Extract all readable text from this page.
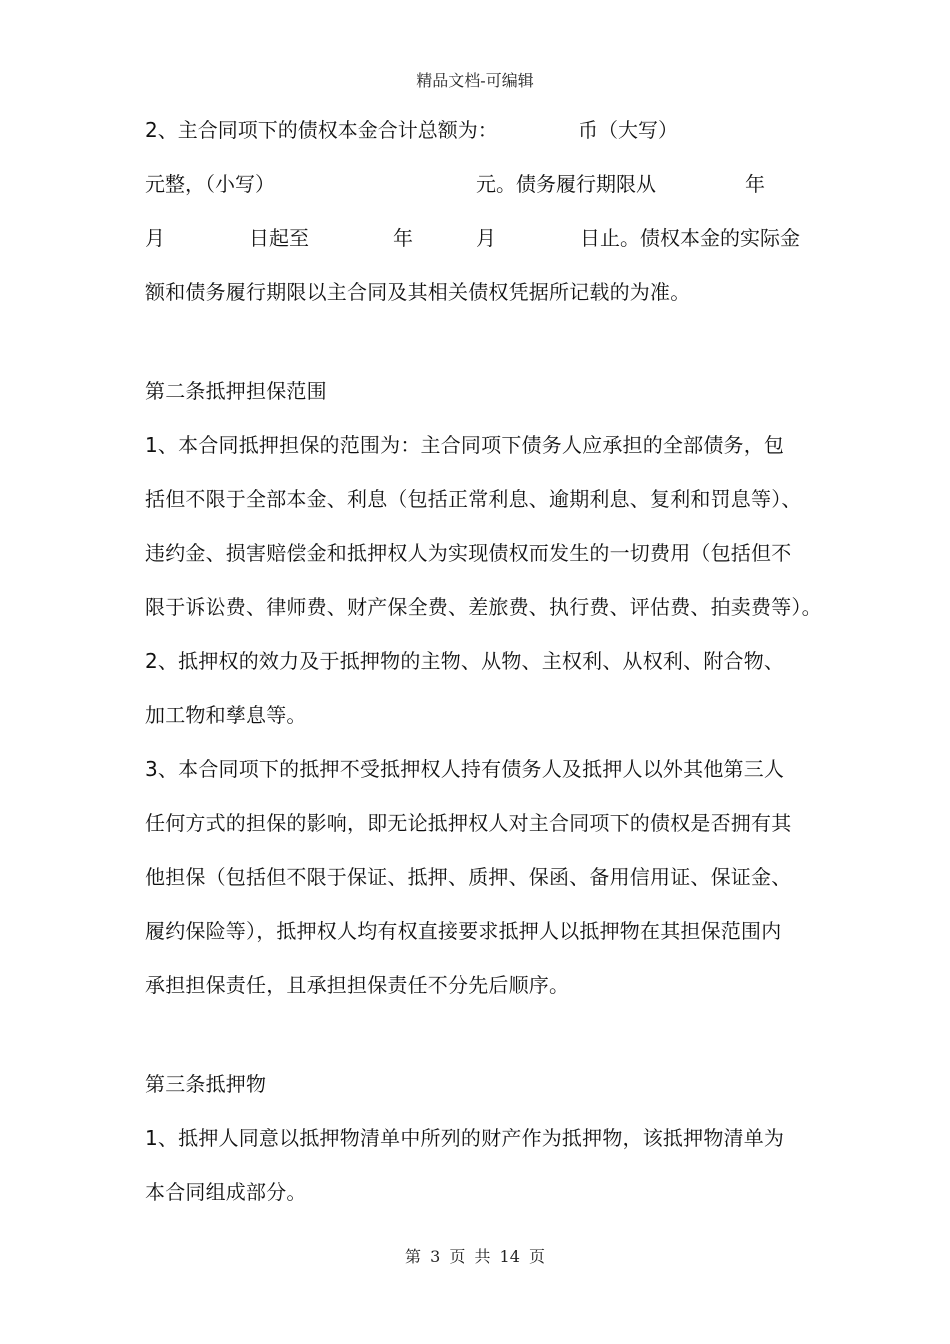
精品文档-可编辑
2、主合同项下的债权本金合计总额为：	币（大写）
元整，（小写）	元。债务履行期限从	年
月	日起至	年	月	日止。债权本金的实际金
额和债务履行期限以主合同及其相关债权凭据所记载的为准。
第二条抵押担保范围
1、本合同抵押担保的范围为：主合同项下债务人应承担的全部债务，包
括但不限于全部本金、利息（包括正常利息、逾期利息、复利和罚息等）、
违约金、损害赔偿金和抵押权人为实现债权而发生的一切费用（包括但不
限于诉讼费、律师费、财产保全费、差旅费、执行费、评估费、拍卖费等）。
2、抵押权的效力及于抵押物的主物、从物、主权利、从权利、附合物、
加工物和孳息等。
3、本合同项下的抵押不受抵押权人持有债务人及抵押人以外其他第三人
任何方式的担保的影响，即无论抵押权人对主合同项下的债权是否拥有其
他担保（包括但不限于保证、抵押、质押、保函、备用信用证、保证金、
履约保险等），抵押权人均有权直接要求抵押人以抵押物在其担保范围内
承担担保责任，且承担担保责任不分先后顺序。
第三条抵押物
1、抵押人同意以抵押物清单中所列的财产作为抵押物，该抵押物清单为
本合同组成部分。
第 3 页 共 14 页
